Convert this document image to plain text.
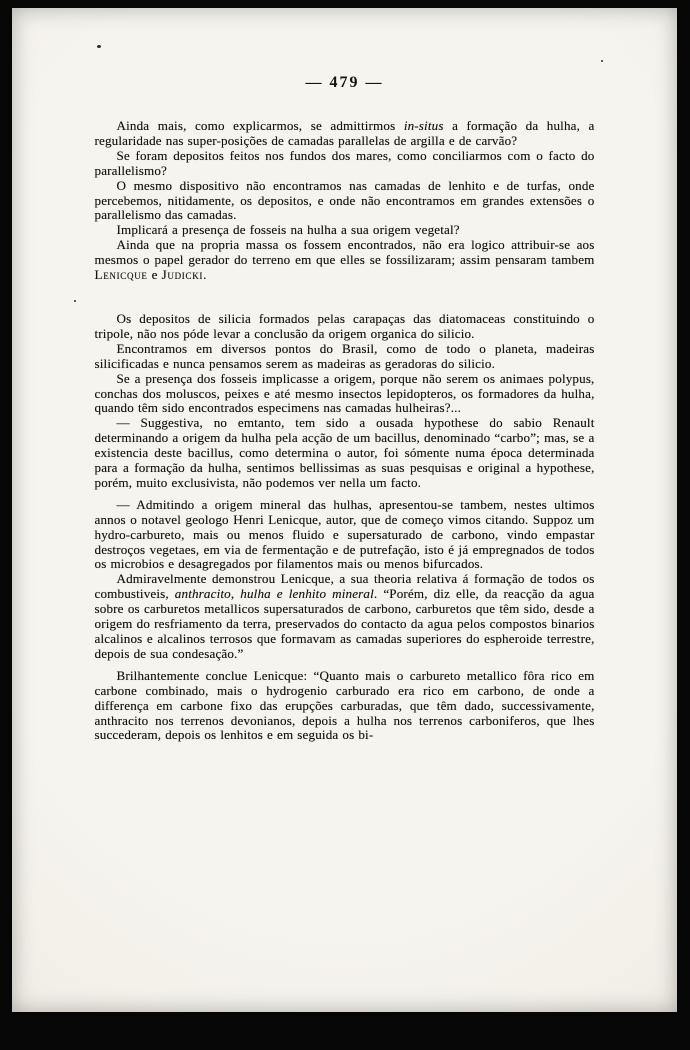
— 479 —

Ainda mais, como explicarmos, se admittirmos in-situs a formação da hulha, a regularidade nas super-posições de camadas parallelas de argilla e de carvão?

Se foram depositos feitos nos fundos dos mares, como conciliarmos com o facto do parallelismo?

O mesmo dispositivo não encontramos nas camadas de lenhito e de turfas, onde percebemos, nitidamente, os depositos, e onde não encontramos em grandes extensões o parallelismo das camadas.

Implicará a presença de fosseis na hulha a sua origem vegetal?

Ainda que na propria massa os fossem encontrados, não era logico attribuir-se aos mesmos o papel gerador do terreno em que elles se fossilizaram; assim pensaram tambem Lenicque e Judicki.

Os depositos de silicia formados pelas carapaças das diatomaceas constituindo o tripole, não nos póde levar a conclusão da origem organica do silicio.

Encontramos em diversos pontos do Brasil, como de todo o planeta, madeiras silicificadas e nunca pensamos serem as madeiras as geradoras do silicio.

Se a presença dos fosseis implicasse a origem, porque não serem os animaes polypus, conchas dos moluscos, peixes e até mesmo insectos lepidopteros, os formadores da hulha, quando têm sido encontrados especimens nas camadas hulheiras?...

— Suggestiva, no emtanto, tem sido a ousada hypothese do sabio Renault determinando a origem da hulha pela acção de um bacillus, denominado “carbo”; mas, se a existencia deste bacillus, como determina o autor, foi sómente numa época determinada para a formação da hulha, sentimos bellissimas as suas pesquisas e original a hypothese, porém, muito exclusivista, não podemos ver nella um facto.

— Admitindo a origem mineral das hulhas, apresentou-se tambem, nestes ultimos annos o notavel geologo Henri Lenicque, autor, que de começo vimos citando. Suppoz um hydro-carbureto, mais ou menos fluido e supersaturado de carbono, vindo empastar destroços vegetaes, em via de fermentação e de putrefação, isto é já empregnados de todos os microbios e desagregados por filamentos mais ou menos bifurcados.

Admiravelmente demonstrou Lenicque, a sua theoria relativa á formação de todos os combustiveis, anthracito, hulha e lenhito mineral. “Porém, diz elle, da reacção da agua sobre os carburetos metallicos supersaturados de carbono, carburetos que têm sido, desde a origem do resfriamento da terra, preservados do contacto da agua pelos compostos binarios alcalinos e alcalinos terrosos que formavam as camadas superiores do espheroide terrestre, depois de sua condesação.”

Brilhantemente conclue Lenicque: “Quanto mais o carbureto metallico fôra rico em carbone combinado, mais o hydrogenio carburado era rico em carbono, de onde a differença em carbone fixo das erupções carburadas, que têm dado, successivamente, anthracito nos terrenos devonianos, depois a hulha nos terrenos carboniferos, que lhes succederam, depois os lenhitos e em seguida os bi-
